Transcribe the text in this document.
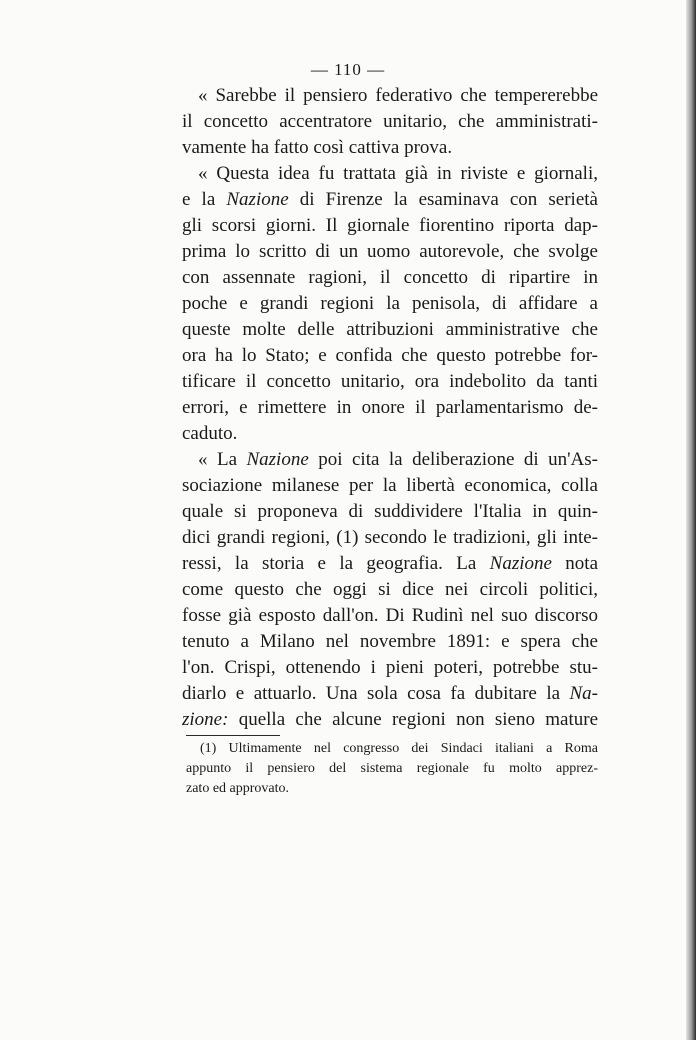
— 110 —
« Sarebbe il pensiero federativo che tempererebbe
il concetto accentratore unitario, che amministrati-
vamente ha fatto così cattiva prova.
« Questa idea fu trattata già in riviste e giornali,
e la Nazione di Firenze la esaminava con serietà
gli scorsi giorni. Il giornale fiorentino riporta dap-
prima lo scritto di un uomo autorevole, che svolge
con assennate ragioni, il concetto di ripartire in
poche e grandi regioni la penisola, di affidare a
queste molte delle attribuzioni amministrative che
ora ha lo Stato; e confida che questo potrebbe for-
tificare il concetto unitario, ora indebolito da tanti
errori, e rimettere in onore il parlamentarismo de-
caduto.
« La Nazione poi cita la deliberazione di un'As-
sociazione milanese per la libertà economica, colla
quale si proponeva di suddividere l'Italia in quin-
dici grandi regioni, (1) secondo le tradizioni, gli inte-
ressi, la storia e la geografia. La Nazione nota
come questo che oggi si dice nei circoli politici,
fosse già esposto dall'on. Di Rudinì nel suo discorso
tenuto a Milano nel novembre 1891: e spera che
l'on. Crispi, ottenendo i pieni poteri, potrebbe stu-
diarlo e attuarlo. Una sola cosa fa dubitare la Na-
zione: quella che alcune regioni non sieno mature
(1) Ultimamente nel congresso dei Sindaci italiani a Roma
appunto il pensiero del sistema regionale fu molto apprez-
zato ed approvato.
